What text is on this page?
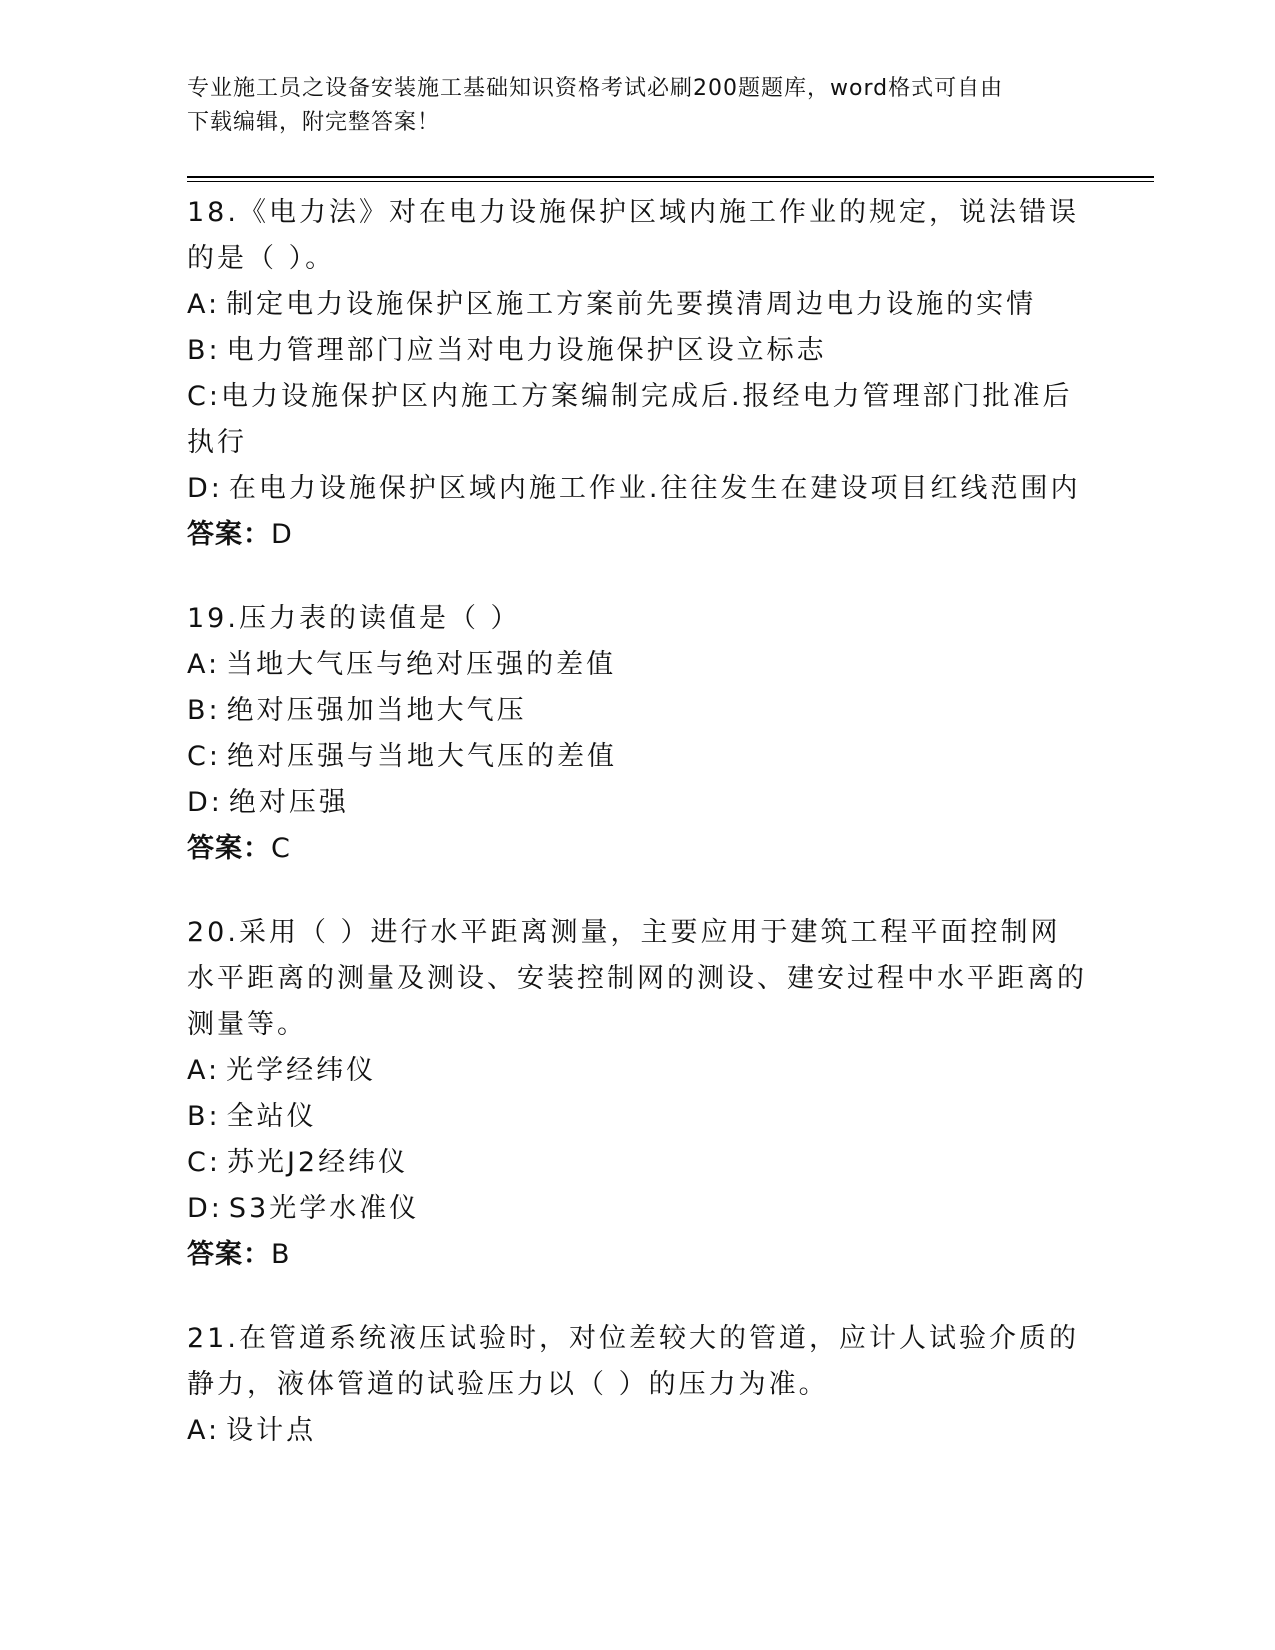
专业施工员之设备安装施工基础知识资格考试必刷200题题库，word格式可自由
下载编辑，附完整答案！

18.《电力法》对在电力设施保护区域内施工作业的规定，说法错误的是（ ）。

A: 制定电力设施保护区施工方案前先要摸清周边电力设施的实情

B: 电力管理部门应当对电力设施保护区设立标志

C:电力设施保护区内施工方案编制完成后.报经电力管理部门批准后执行

D: 在电力设施保护区域内施工作业.往往发生在建设项目红线范围内

答案：D

19.压力表的读值是（ ）

A: 当地大气压与绝对压强的差值

B: 绝对压强加当地大气压

C: 绝对压强与当地大气压的差值

D: 绝对压强

答案：C

20.采用（ ）进行水平距离测量，主要应用于建筑工程平面控制网水平距离的测量及测设、安装控制网的测设、建安过程中水平距离的测量等。

A: 光学经纬仪

B: 全站仪

C: 苏光J2经纬仪

D: S3光学水准仪

答案：B

21.在管道系统液压试验时，对位差较大的管道，应计人试验介质的静力，液体管道的试验压力以（ ）的压力为准。

A: 设计点
